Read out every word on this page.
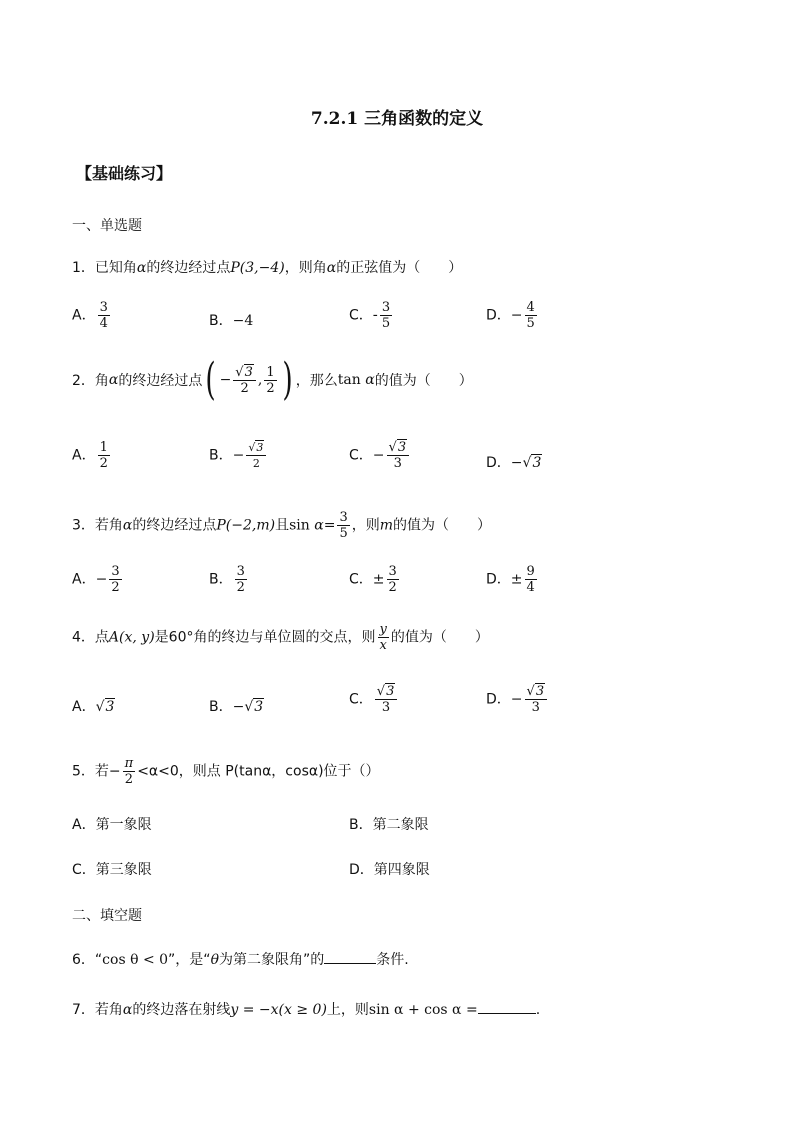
7.2.1 三角函数的定义
【基础练习】
一、单选题
1．已知角α的终边经过点P(3,−4)，则角α的正弦值为（　　）
A． $\frac{3}{4}$	B．−4	C．- $\frac{3}{5}$	D．− $\frac{4}{5}$
2．角 α 的终边经过点 ( − $\frac{√3}{2}$ , $\frac{1}{2}$ ) ，那么 tan
α 的值为（　　）
A． $\frac{1}{2}$	B．− $\frac{√3}{2}$	C．− $\frac{√3}{3}$	D．−√3
3．若角α的终边经过点P(−2,m)且$\sin \alpha= \frac{3}{5}$ ，则m的值为（　　）
A．− $\frac{3}{2}$	B． $\frac{3}{2}$	C．± $\frac{3}{2}$	D．± $\frac{9}{4}$
4．点A(x, y)是60°角的终边与单位圆的交点，则 $\frac{y}{x}$ 的值为（　　）
A．√3	B．−√3	C． $\frac{√3}{3}$	D．− $\frac{√3}{3}$
5．若− $\frac{\pi}{2} <\alpha<0$，则点 P(tanα，cosα)位于（）
A．第一象限	B．第二象限
C．第三象限	D．第四象限
二、填空题
6．“cos θ < 0”，是“θ为第二象限角”的	条件.
7．若角α的终边落在射线y = −x(x ≥ 0)上，则sin α + cos α =	.
